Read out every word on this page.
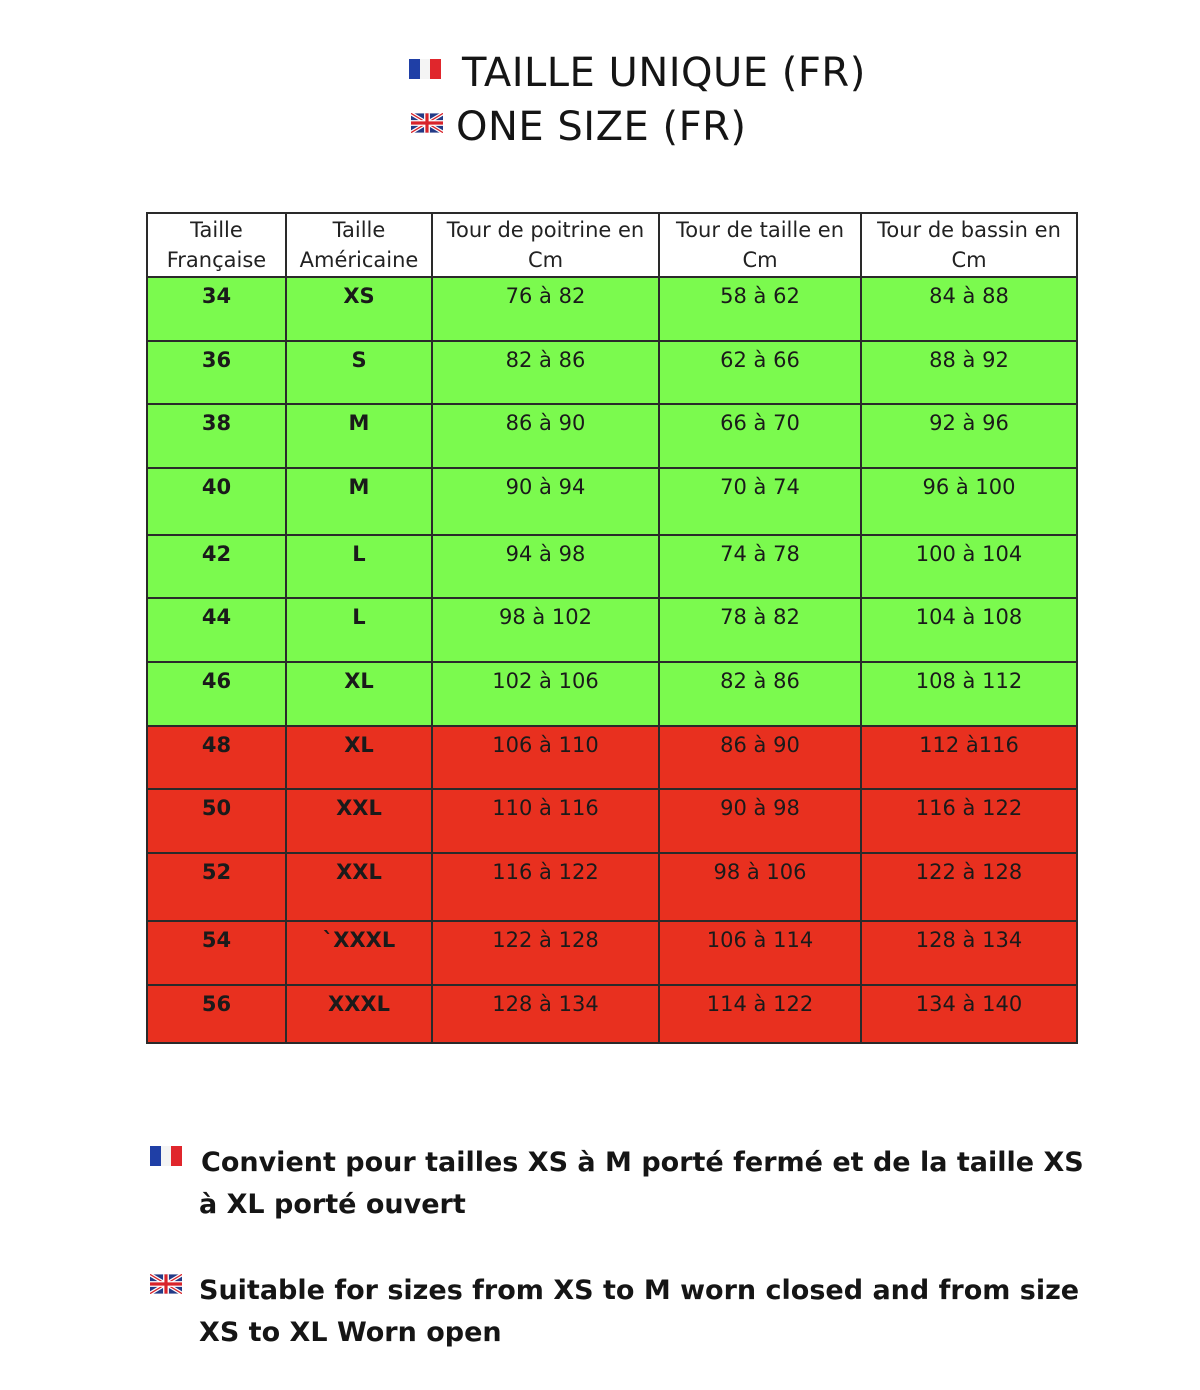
TAILLE UNIQUE (FR)
ONE SIZE (FR)
Taille Française	Taille Américaine	Tour de poitrine en Cm	Tour de taille en Cm	Tour de bassin en Cm
34	XS	76 à 82	58 à 62	84 à 88
36	S	82 à 86	62 à 66	88 à 92
38	M	86 à 90	66 à 70	92 à 96
40	M	90 à 94	70 à 74	96 à 100
42	L	94 à 98	74 à 78	100 à 104
44	L	98 à 102	78 à 82	104 à 108
46	XL	102 à 106	82 à 86	108 à 112
48	XL	106 à 110	86 à 90	112 à116
50	XXL	110 à 116	90 à 98	116 à 122
52	XXL	116 à 122	98 à 106	122 à 128
54	`XXXL	122 à 128	106 à 114	128 à 134
56	XXXL	128 à 134	114 à 122	134 à 140
Convient pour tailles XS à M porté fermé et de la taille XS à XL porté ouvert
Suitable for sizes from XS to M worn closed and from size XS to XL Worn open
